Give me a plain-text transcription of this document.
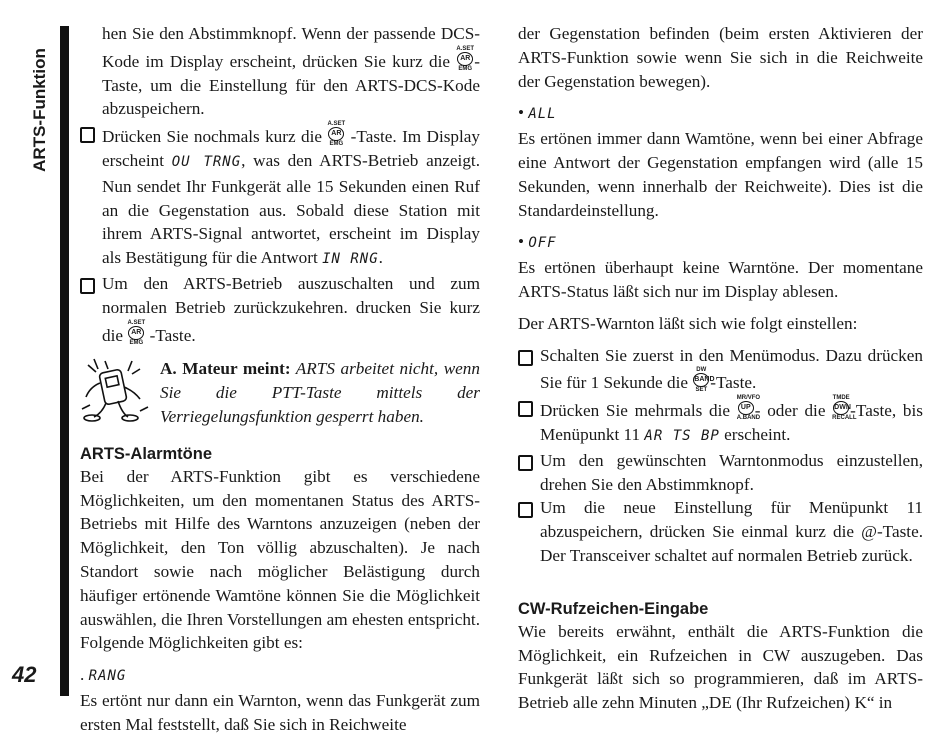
ARTS-Funktion
42

hen Sie den Abstimmknopf. Wenn der passende DCS-Kode im Display erscheint, drücken Sie kurz die
A.SET
AR
EMG -Taste, um die Einstellung für den ARTS-DCS-Kode abzuspeichern.

Drücken Sie nochmals kurz die
A.SET
AR
EMG -Taste. Im Display erscheint OU TRNG, was den ARTS-Betrieb anzeigt. Nun sendet Ihr Funkgerät alle 15 Sekunden einen Ruf an die Gegenstation aus. Sobald diese Station mit ihrem ARTS-Signal antwortet, erscheint im Display als Bestätigung für die Antwort IN RNG.

Um den ARTS-Betrieb auszuschalten und zum normalen Betrieb zurückzukehren. drucken Sie kurz die
A.SET
AR
EMG -Taste.

A. Mateur meint: ARTS arbeitet nicht, wenn Sie die PTT-Taste mittels der Verriegelungsfunktion gesperrt haben.

ARTS-Alarmtöne

Bei der ARTS-Funktion gibt es verschiedene Möglichkeiten, um den momentanen Status des ARTS-Betriebs mit Hilfe des Warntons anzuzeigen (neben der Möglichkeit, den Ton völlig abzuschalten). Je nach Standort sowie nach möglicher Belästigung durch häufiger ertönende Wamtöne können Sie die Möglichkeit auswählen, die Ihren Vorstellungen am ehesten entspricht. Folgende Möglichkeiten gibt es:

. RANG

Es ertönt nur dann ein Warnton, wenn das Funkgerät zum ersten Mal feststellt, daß Sie sich in Reichweite

der Gegenstation befinden (beim ersten Aktivieren der ARTS-Funktion sowie wenn Sie sich in die Reichweite der Gegenstation bewegen).

• ALL

Es ertönen immer dann Wamtöne, wenn bei einer Abfrage eine Antwort der Gegenstation empfangen wird (alle 15 Sekunden, wenn innerhalb der Reichweite). Dies ist die Standardeinstellung.

• OFF

Es ertönen überhaupt keine Warntöne. Der momentane ARTS-Status läßt sich nur im Display ablesen.

Der ARTS-Warnton läßt sich wie folgt einstellen:

Schalten Sie zuerst in den Menümodus. Dazu drücken Sie für 1 Sekunde die
DW
BAND
SET -Taste.

Drücken Sie mehrmals die
MR/VFO
UP
A.BAND
- oder die
TMDE
DWN
RECALL
-Taste, bis Menüpunkt 11 AR TS BP erscheint.

Um den gewünschten Warntonmodus einzustellen, drehen Sie den Abstimmknopf.

Um die neue Einstellung für Menüpunkt 11 abzuspeichern, drücken Sie einmal kurz die @-Taste. Der Transceiver schaltet auf normalen Betrieb zurück.

CW-Rufzeichen-Eingabe

Wie bereits erwähnt, enthält die ARTS-Funktion die Möglichkeit, ein Rufzeichen in CW auszugeben. Das Funkgerät läßt sich so programmieren, daß im ARTS-Betrieb alle zehn Minuten „DE (Ihr Rufzeichen) K“ in
